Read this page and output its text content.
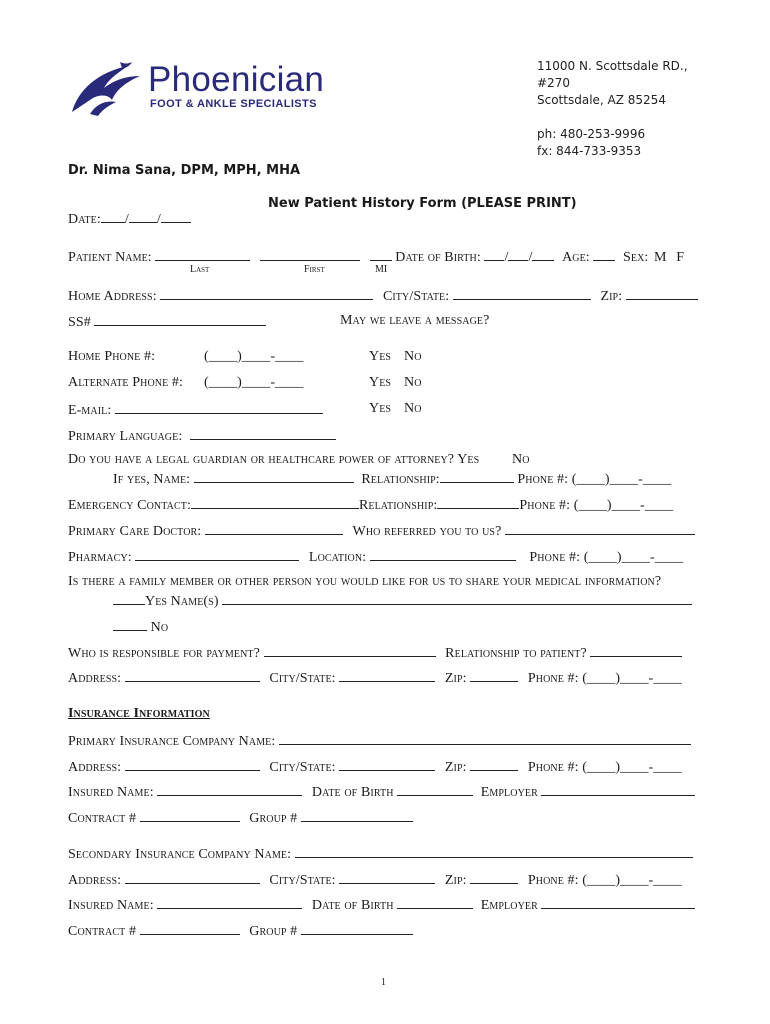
Phoenician
FOOT & ANKLE SPECIALISTS
11000 N. Scottsdale RD.,
#270
Scottsdale, AZ 85254
ph: 480-253-9996
fx: 844-733-9353
Dr. Nima Sana, DPM, MPH, MHA
New Patient History Form (PLEASE PRINT)
Date: / /
Patient Name:	Date of Birth: / / Age: Sex: M F
Last	First	MI
Home Address:	City/State:	Zip:
SS#	May we leave a message?
Home Phone #:	(____)____-____	Yes No
Alternate Phone #: (____)____-____	Yes No
E-mail:	Yes No
Primary Language:
Do you have a legal guardian or healthcare power of attorney? Yes No
If yes, Name:	Relationship:	Phone #: (____)____-____
Emergency Contact:	Relationship:	Phone #: (____)____-____
Primary Care Doctor:	Who referred you to us?
Pharmacy:	Location:	Phone #: (____)____-____
Is there a family member or other person you would like for us to share your medical information?
Yes Name(s)
No
Who is responsible for payment?	Relationship to patient?
Address:	City/State:	Zip:	Phone #: (____)____-____
Insurance Information
Primary Insurance Company Name:
Address:	City/State:	Zip:	Phone #: (____)____-____
Insured Name:	Date of Birth	Employer
Contract #	Group #
Secondary Insurance Company Name:
Address:	City/State:	Zip:	Phone #: (____)____-____
Insured Name:	Date of Birth	Employer
Contract #	Group #
1
